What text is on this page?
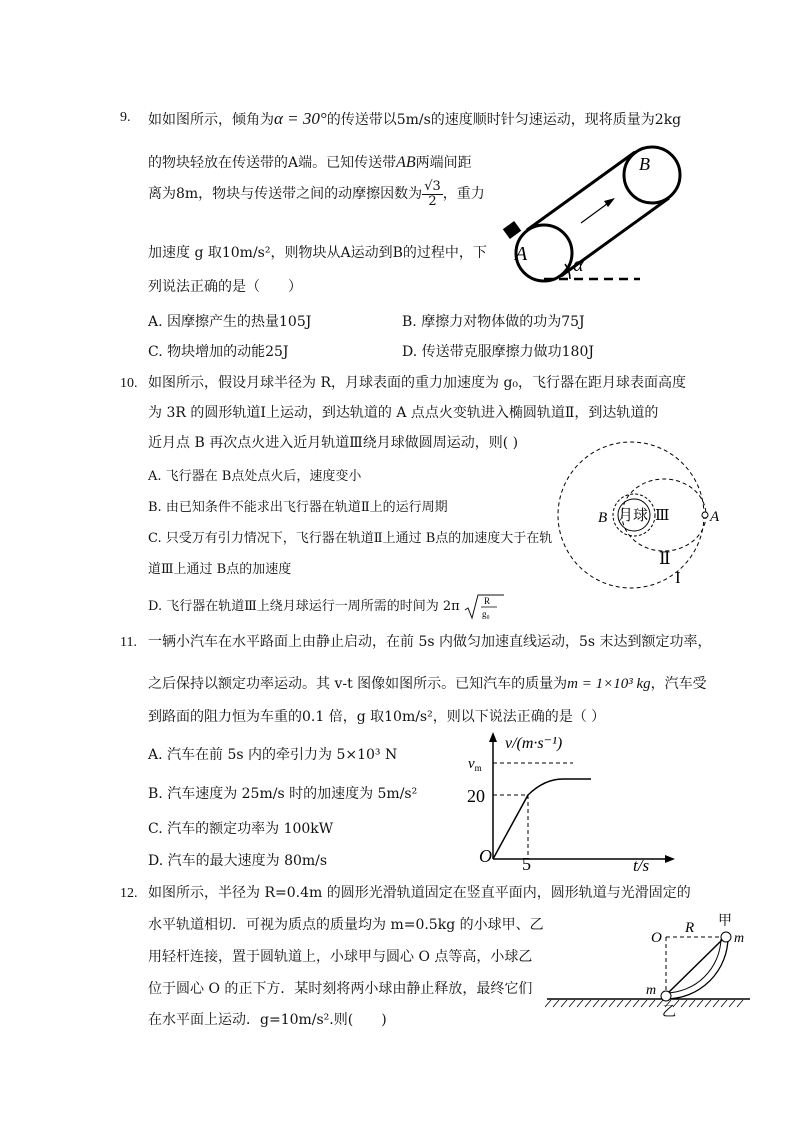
9. 如如图所示，倾角为α = 30°的传送带以5m/s的速度顺时针匀速运动，现将质量为2kg
的物块轻放在传送带的A端。已知传送带AB两端间距
离为8m，物块与传送带之间的动摩擦因数为 $\frac{√3}{2}$ ，重力
加速度 g 取10m/s²，则物块从A运动到B的过程中，下
列说法正确的是（　　）
A. 因摩擦产生的热量105J	B. 摩擦力对物体做的功为75J
C. 物块增加的动能25J	D. 传送带克服摩擦力做功180J
A
B
α
10. 如图所示，假设月球半径为 R，月球表面的重力加速度为 g₀，飞行器在距月球表面高度
为 3R 的圆形轨道Ⅰ上运动，到达轨道的 A 点点火变轨进入椭圆轨道Ⅱ，到达轨道的
近月点 B 再次点火进入近月轨道Ⅲ绕月球做圆周运动，则( )
A. 飞行器在 B点处点火后，速度变小
B. 由已知条件不能求出飞行器在轨道Ⅱ上的运行周期
C. 只受万有引力情况下，飞行器在轨道Ⅱ上通过 B点的加速度大于在轨
道Ⅲ上通过 B点的加速度
D. 飞行器在轨道Ⅲ上绕月球运行一周所需的时间为 2π	R
g₀
B 月球 Ⅲ	A
Ⅱ
I
11. 一辆小汽车在水平路面上由静止启动，在前 5s 内做匀加速直线运动，5s 末达到额定功率，
之后保持以额定功率运动。其 v-t 图像如图所示。已知汽车的质量为m = 1×10³ kg，汽车受
到路面的阻力恒为车重的0.1 倍，g 取10m/s²，则以下说法正确的是（ ）
A. 汽车在前 5s 内的牵引力为 5×10³ N
B. 汽车速度为 25m/s 时的加速度为 5m/s²
C. 汽车的额定功率为 100kW
D. 汽车的最大速度为 80m/s
v/(m·s⁻¹)
$v_m$
20
O 5	t/s
12. 如图所示，半径为 R=0.4m 的圆形光滑轨道固定在竖直平面内，圆形轨道与光滑固定的
水平轨道相切．可视为质点的质量均为 m=0.5kg 的小球甲、乙
用轻杆连接，置于圆轨道上，小球甲与圆心 O 点等高，小球乙
位于圆心 O 的正下方．某时刻将两小球由静止释放，最终它们
在水平面上运动．g=10m/s².则(　　)
O
R 甲
m
m
乙
